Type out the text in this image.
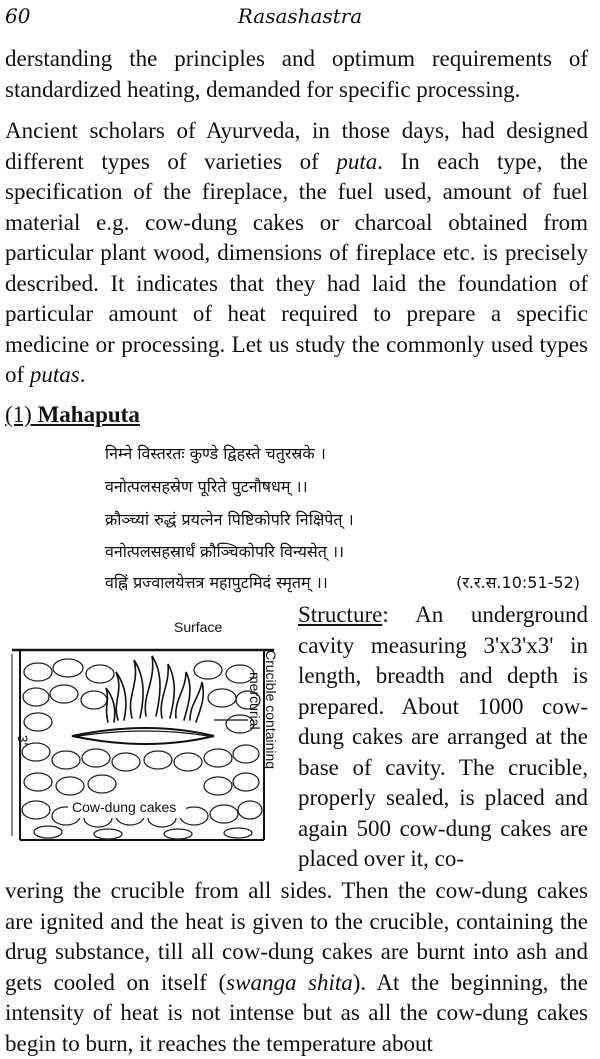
60	Rasashastra

derstanding the principles and optimum requirements of standardized heating, demanded for specific processing.

Ancient scholars of Ayurveda, in those days, had designed different types of varieties of puta. In each type, the specification of the fireplace, the fuel used, amount of fuel material e.g. cow-dung cakes or charcoal obtained from particular plant wood, dimensions of fireplace etc. is precisely described. It indicates that they had laid the foundation of particular amount of heat required to prepare a specific medicine or processing. Let us study the commonly used types of putas.

(1) Mahaputa
निम्ने विस्तरतः कुण्डे द्विहस्ते चतुरस्रके ।
वनोत्पलसहस्रेण पूरिते पुटनौषधम् ।।
क्रौञ्च्यां रुद्धं प्रयत्नेन पिष्टिकोपरि निक्षिपेत् ।
वनोत्पलसहस्रार्धं क्रौञ्चिकोपरि विन्यसेत् ।।
वह्निं प्रज्वालयेत्तत्र महापुटमिदं स्मृतम् ।।	(र.र.स.10:51-52)
Surface
3'	Crucible containing
mercurial
Cow-dung cakes

Structure: An underground cavity measuring 3'x3'x3' in length, breadth and depth is prepared. About 1000 cow-dung cakes are arranged at the base of cavity. The crucible, properly sealed, is placed and again 500 cow-dung cakes are placed over it, co-

vering the crucible from all sides. Then the cow-dung cakes are ignited and the heat is given to the crucible, containing the drug substance, till all cow-dung cakes are burnt into ash and gets cooled on itself (swanga shita). At the beginning, the intensity of heat is not intense but as all the cow-dung cakes begin to burn, it reaches the temperature about
